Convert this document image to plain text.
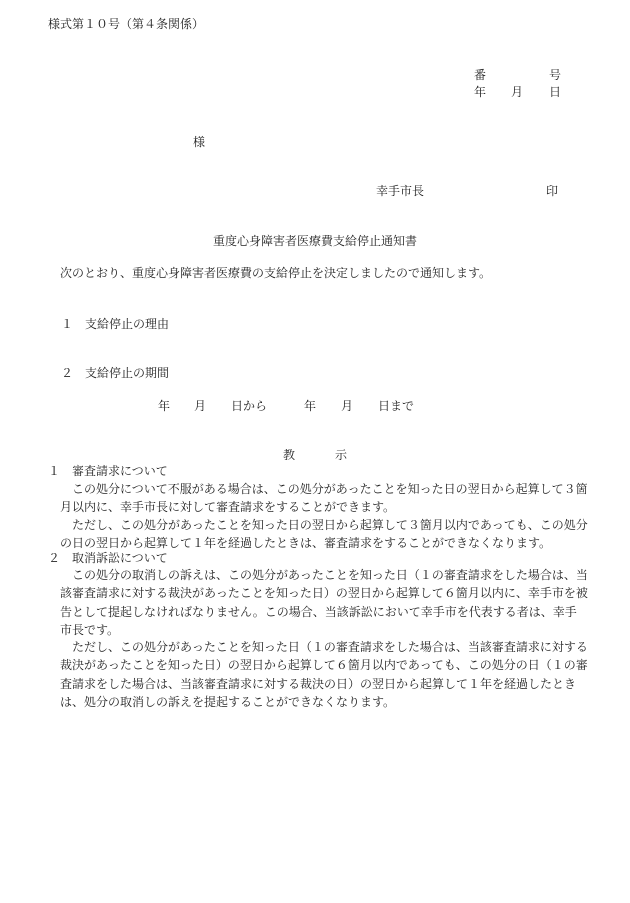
様式第１０号（第４条関係）
番	号
年 月 日
様
幸手市長	印
重度心身障害者医療費支給停止通知書
次のとおり、重度心身障害者医療費の支給停止を決定しましたので通知します。
１　支給停止の理由
２　支給停止の期間
年 月 日から	年 月 日まで
教	示
１　審査請求について
この処分について不服がある場合は、この処分があったことを知った日の翌日から起算して３箇月以内に、幸手市長に対して審査請求をすることができます。
ただし、この処分があったことを知った日の翌日から起算して３箇月以内であっても、この処分の日の翌日から起算して１年を経過したときは、審査請求をすることができなくなります。
２　取消訴訟について
この処分の取消しの訴えは、この処分があったことを知った日（１の審査請求をした場合は、当該審査請求に対する裁決があったことを知った日）の翌日から起算して６箇月以内に、幸手市を被告として提起しなければなりません。この場合、当該訴訟において幸手市を代表する者は、幸手市長です。
ただし、この処分があったことを知った日（１の審査請求をした場合は、当該審査請求に対する裁決があったことを知った日）の翌日から起算して６箇月以内であっても、この処分の日（１の審査請求をした場合は、当該審査請求に対する裁決の日）の翌日から起算して１年を経過したときは、処分の取消しの訴えを提起することができなくなります。
